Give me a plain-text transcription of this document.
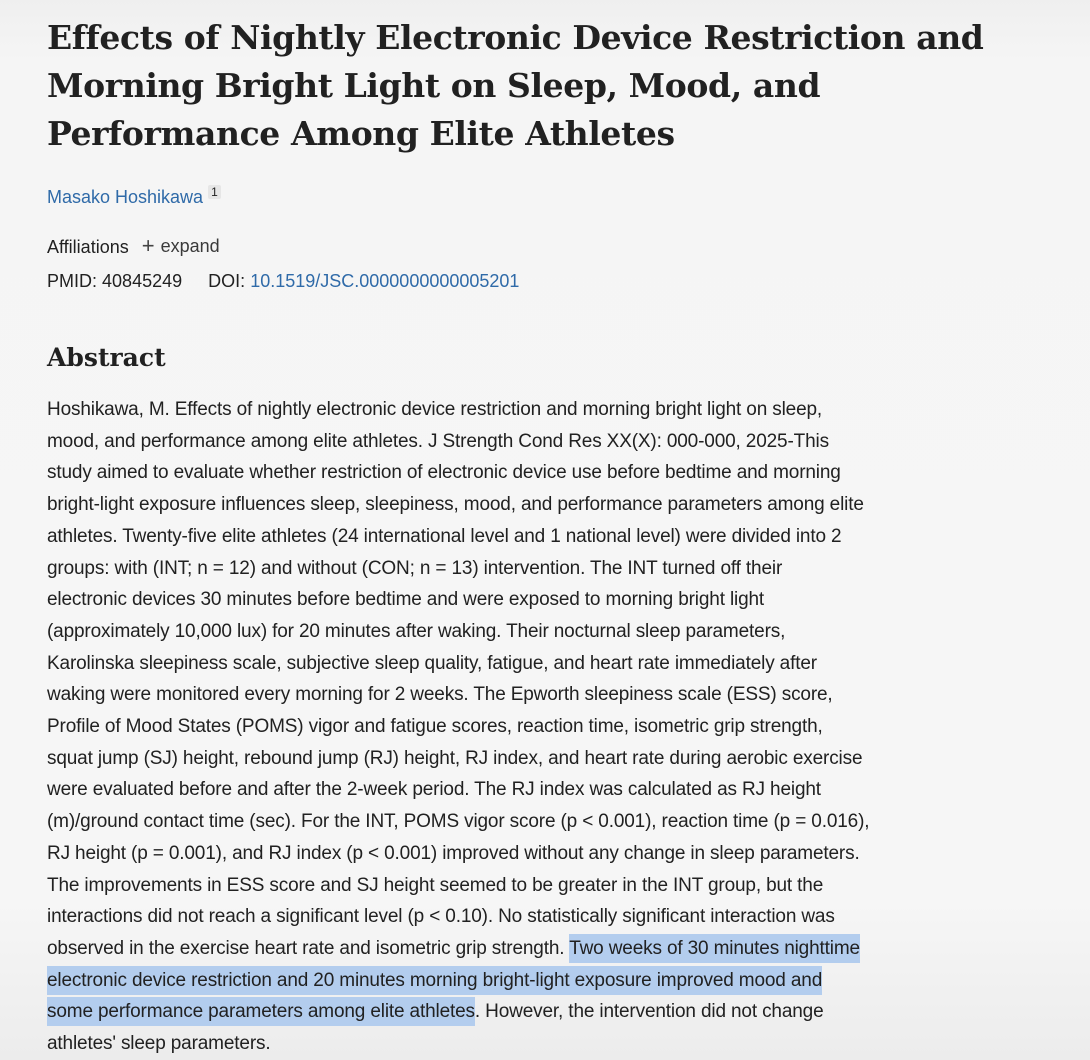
Effects of Nightly Electronic Device Restriction and
Morning Bright Light on Sleep, Mood, and
Performance Among Elite Athletes
Masako Hoshikawa 1
Affiliations + expand
PMID: 40845249 DOI: 10.1519/JSC.0000000000005201
Abstract
Hoshikawa, M. Effects of nightly electronic device restriction and morning bright light on sleep,
mood, and performance among elite athletes. J Strength Cond Res XX(X): 000-000, 2025-This
study aimed to evaluate whether restriction of electronic device use before bedtime and morning
bright-light exposure influences sleep, sleepiness, mood, and performance parameters among elite
athletes. Twenty-five elite athletes (24 international level and 1 national level) were divided into 2
groups: with (INT; n = 12) and without (CON; n = 13) intervention. The INT turned off their
electronic devices 30 minutes before bedtime and were exposed to morning bright light
(approximately 10,000 lux) for 20 minutes after waking. Their nocturnal sleep parameters,
Karolinska sleepiness scale, subjective sleep quality, fatigue, and heart rate immediately after
waking were monitored every morning for 2 weeks. The Epworth sleepiness scale (ESS) score,
Profile of Mood States (POMS) vigor and fatigue scores, reaction time, isometric grip strength,
squat jump (SJ) height, rebound jump (RJ) height, RJ index, and heart rate during aerobic exercise
were evaluated before and after the 2-week period. The RJ index was calculated as RJ height
(m)/ground contact time (sec). For the INT, POMS vigor score (p < 0.001), reaction time (p = 0.016),
RJ height (p = 0.001), and RJ index (p < 0.001) improved without any change in sleep parameters.
The improvements in ESS score and SJ height seemed to be greater in the INT group, but the
interactions did not reach a significant level (p < 0.10). No statistically significant interaction was
observed in the exercise heart rate and isometric grip strength. Two weeks of 30 minutes nighttime
electronic device restriction and 20 minutes morning bright-light exposure improved mood and
some performance parameters among elite athletes. However, the intervention did not change
athletes' sleep parameters.
